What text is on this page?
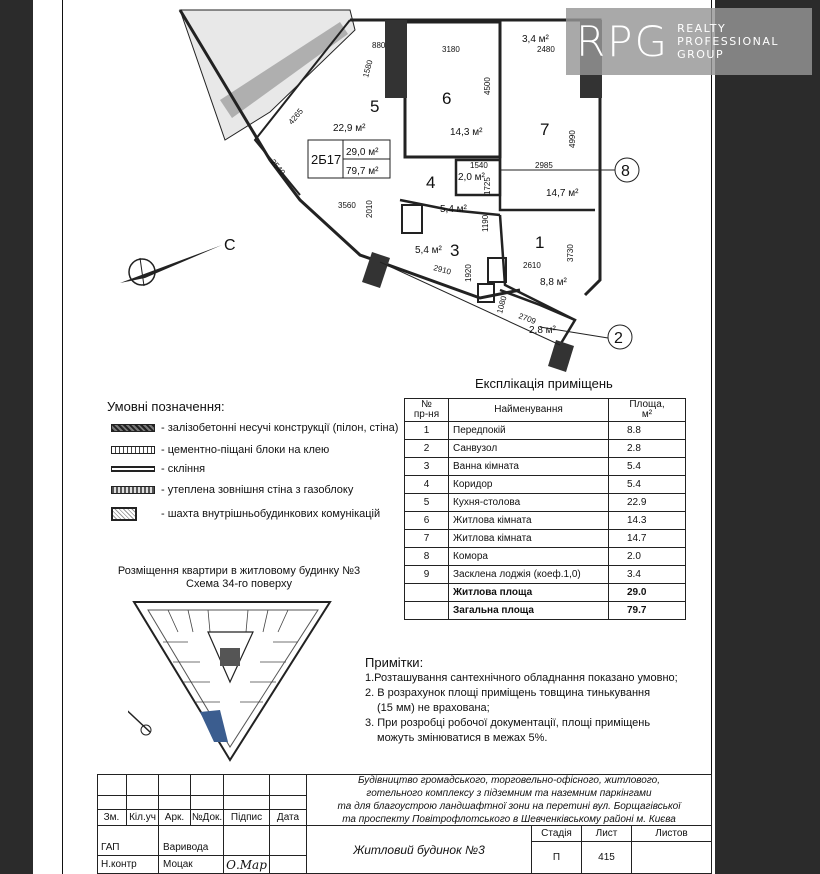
2Б17 29,0 м²
79,7 м²
5
22,9 м²
6
14,3 м²	7
14,7 м²
2,0 м²
4
5,4 м²
3
5,4 м²	1
8,8 м²
2,8 м²
3,4 м²
2
8
880	3180	2480
1580
4500
4990
4265
1540	2985
1725
2540
3560 2010
1190
3730
2910 1920	2610
1080
2709
С
RPG REALTY
PROFESSIONAL
GROUP
Умовні позначення:
- залізобетонні несучі конструкції (пілон, стіна)
- цементно-піщані блоки на клею
- скління
- утеплена зовнішня стіна з газоблоку
- шахта внутрішньобудинкових комунікацій
Експлікація приміщень
№
пр-ня	Найменування	Площа,
м²
1	Передпокій	8.8
2	Санвузол	2.8
3	Ванна кімната	5.4
4	Коридор	5.4
5	Кухня-столова	22.9
6	Житлова кімната	14.3
7	Житлова кімната	14.7
8	Комора	2.0
9	Засклена лоджія (коеф.1,0)	3.4
	Житлова площа	29.0
	Загальна площа	79.7
Розміщення квартири в житловому будинку №3
Схема 34-го поверху
Примітки:
1.Розташування сантехнічного обладнання показано умовно;
2. В розрахунок площі приміщень товщина тинькування
(15 мм) не врахована;
3. При розробці робочої документації, площі приміщень
можуть змінюватися в межах 5%.
Зм. Кіл.уч Арк. №Док. Підпис	Дата
ГАП	Варивода
Н.контр	Моцак	О.Мар
Будівництво громадського, торговельно-офісного, житлового,
готельного комплексу з підземним та наземним паркінгами
та для благоустрою ландшафтної зони на перетині вул. Борщагівської
та проспекту Повітрофлотського в Шевченківському районі м. Києва
Житловий будинок №3
Стадія	Лист	Листов
П	415
